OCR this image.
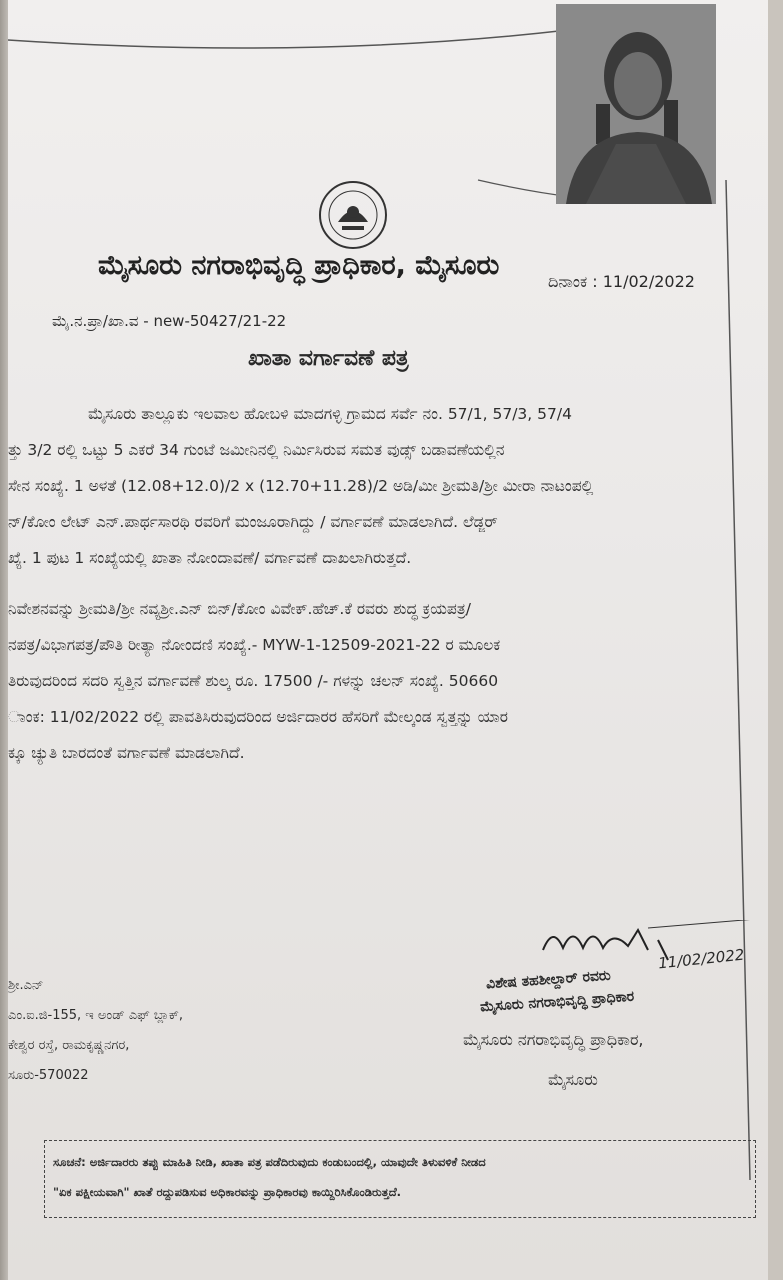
ಮೈಸೂರು ನಗರಾಭಿವೃದ್ಧಿ ಪ್ರಾಧಿಕಾರ, ಮೈಸೂರು
ದಿನಾಂಕ : 11/02/2022
ಮೈ.ನ.ಪ್ರಾ/ಖಾ.ವ - new-50427/21-22
ಖಾತಾ ವರ್ಗಾವಣೆ ಪತ್ರ
ಮೈಸೂರು ತಾಲ್ಲೂಕು ಇಲವಾಲ ಹೋಬಳಿ ಮಾದಗಳ್ಳಿ ಗ್ರಾಮದ ಸರ್ವೆ ನಂ. 57/1, 57/3, 57/4
ತ್ತು 3/2 ರಲ್ಲಿ ಒಟ್ಟು 5 ಎಕರೆ 34 ಗುಂಟೆ ಜಮೀನಿನಲ್ಲಿ ನಿರ್ಮಿಸಿರುವ ಸಮತ ವುಡ್ಸ್ ಬಡಾವಣೆಯಲ್ಲಿನ
ಸೇನ ಸಂಖ್ಯೆ. 1 ಅಳತೆ (12.08+12.0)/2 x (12.70+11.28)/2 ಅಡಿ/ಮೀ ಶ್ರೀಮತಿ/ಶ್ರೀ ಮೀರಾ ನಾಟಂಪಲ್ಲಿ
ನ್/ಕೋಂ ಲೇಟ್ ಎನ್.ಪಾರ್ಥಸಾರಥಿ ರವರಿಗೆ ಮಂಜೂರಾಗಿದ್ದು / ವರ್ಗಾವಣೆ ಮಾಡಲಾಗಿದೆ. ಲೆಡ್ಜರ್
ಖ್ಯೆ. 1 ಪುಟ 1 ಸಂಖ್ಯೆಯಲ್ಲಿ ಖಾತಾ ನೋಂದಾವಣೆ/ ವರ್ಗಾವಣೆ ದಾಖಲಾಗಿರುತ್ತದೆ.
ನಿವೇಶನವನ್ನು ಶ್ರೀಮತಿ/ಶ್ರೀ ನವ್ಯಶ್ರೀ.ಎನ್ ಬಿನ್/ಕೋಂ ವಿವೇಕ್.ಹೆಚ್.ಕೆ ರವರು ಶುದ್ಧ ಕ್ರಯಪತ್ರ/
ನಪತ್ರ/ವಿಭಾಗಪತ್ರ/ಪೌತಿ ರೀತ್ಯಾ ನೋಂದಣಿ ಸಂಖ್ಯೆ.- MYW-1-12509-2021-22 ರ ಮೂಲಕ
ತಿರುವುದರಿಂದ ಸದರಿ ಸ್ವತ್ತಿನ ವರ್ಗಾವಣೆ ಶುಲ್ಕ ರೂ. 17500 /- ಗಳನ್ನು ಚಲನ್ ಸಂಖ್ಯೆ. 50660
ಾಂಕ: 11/02/2022 ರಲ್ಲಿ ಪಾವತಿಸಿರುವುದರಿಂದ ಅರ್ಜಿದಾರರ ಹೆಸರಿಗೆ ಮೇಲ್ಕಂಡ ಸ್ವತ್ತನ್ನು ಯಾರ
ಕ್ಕೂ ಚ್ಯುತಿ ಬಾರದಂತೆ ವರ್ಗಾವಣೆ ಮಾಡಲಾಗಿದೆ.
11/02/2022
ವಿಶೇಷ ತಹಶೀಲ್ದಾರ್ ರವರು
ಮೈಸೂರು ನಗರಾಭಿವೃದ್ಧಿ ಪ್ರಾಧಿಕಾರ
ಮೈಸೂರು ನಗರಾಭಿವೃದ್ಧಿ ಪ್ರಾಧಿಕಾರ,
ಮೈಸೂರು
ಶ್ರೀ.ಎನ್
ಎಂ.ಐ.ಜಿ-155, ಇ ಅಂಡ್ ಎಫ್ ಬ್ಲಾಕ್,
ಕೇಶ್ವರ ರಸ್ತೆ, ರಾಮಕೃಷ್ಣನಗರ,
ಸೂರು-570022
ಸೂಚನೆ: ಅರ್ಜಿದಾರರು ತಪ್ಪು ಮಾಹಿತಿ ನೀಡಿ, ಖಾತಾ ಪತ್ರ ಪಡೆದಿರುವುದು ಕಂಡುಬಂದಲ್ಲಿ, ಯಾವುದೇ ತಿಳುವಳಿಕೆ ನೀಡದ
"ಏಕ ಪಕ್ಷೀಯವಾಗಿ" ಖಾತೆ ರದ್ದುಪಡಿಸುವ ಅಧಿಕಾರವನ್ನು ಪ್ರಾಧಿಕಾರವು ಕಾಯ್ದಿರಿಸಿಕೊಂಡಿರುತ್ತದೆ.
